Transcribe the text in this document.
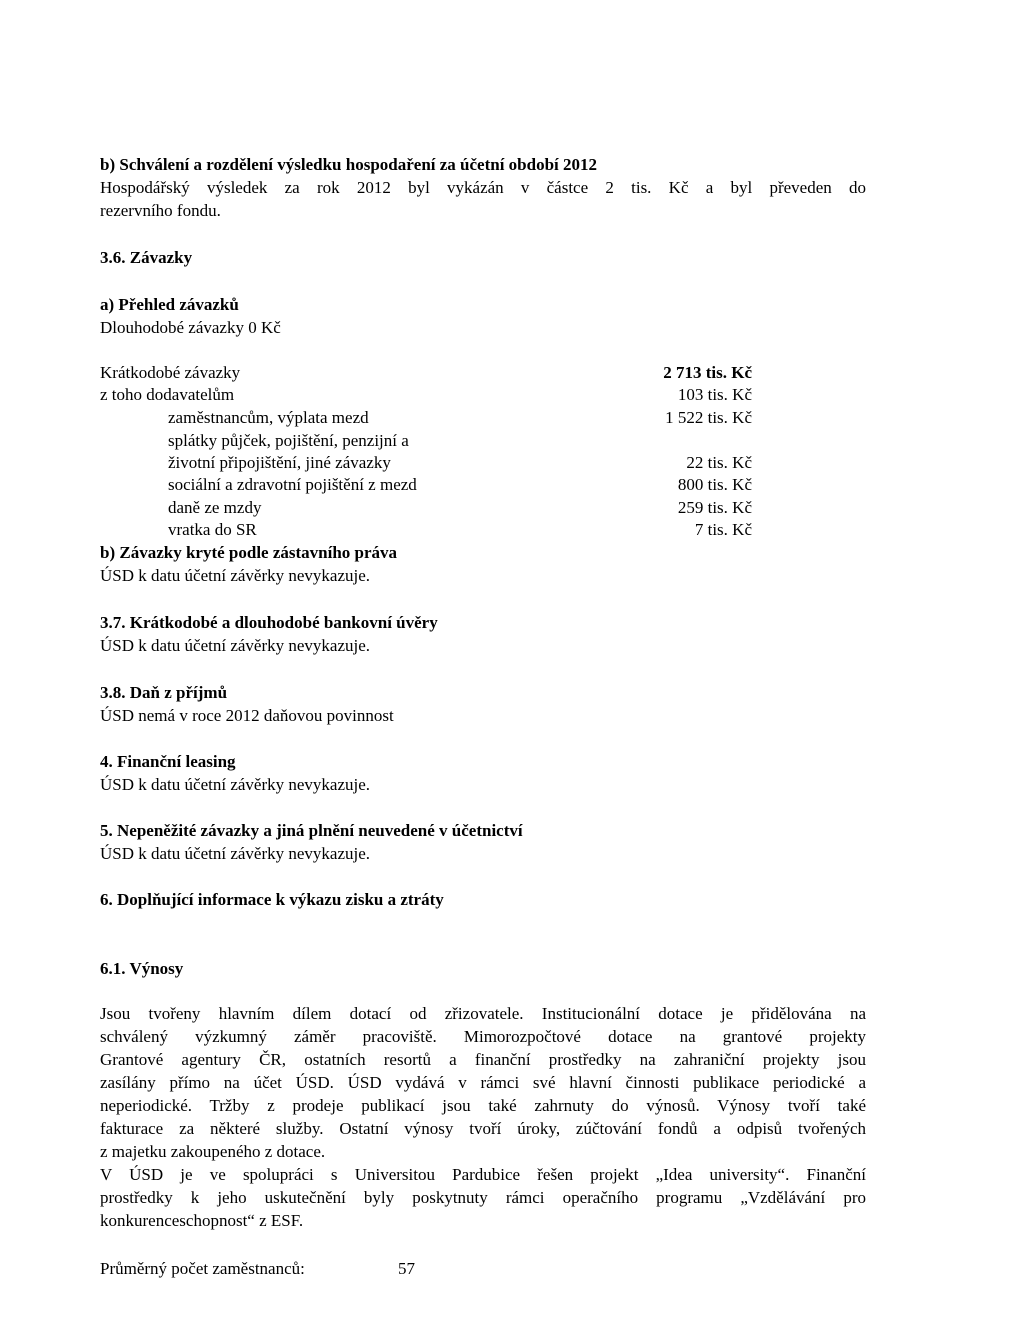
b) Schválení a rozdělení výsledku hospodaření za účetní období 2012
Hospodářský výsledek za rok 2012 byl vykázán v částce 2 tis. Kč a byl převeden do
rezervního fondu.
3.6. Závazky
a) Přehled závazků
Dlouhodobé závazky 0 Kč
Krátkodobé závazky	2 713 tis. Kč
z toho dodavatelům	103 tis. Kč
zaměstnancům, výplata mezd	1 522 tis. Kč
splátky půjček, pojištění, penzijní a
životní připojištění, jiné závazky	22 tis. Kč
sociální a zdravotní pojištění z mezd	800 tis. Kč
daně ze mzdy	259 tis. Kč
vratka do SR	7 tis. Kč
b) Závazky kryté podle zástavního práva
ÚSD k datu účetní závěrky nevykazuje.
3.7. Krátkodobé a dlouhodobé bankovní úvěry
ÚSD k datu účetní závěrky nevykazuje.
3.8. Daň z příjmů
ÚSD nemá v roce 2012 daňovou povinnost
4. Finanční leasing
ÚSD k datu účetní závěrky nevykazuje.
5. Nepeněžité závazky a jiná plnění neuvedené v účetnictví
ÚSD k datu účetní závěrky nevykazuje.
6. Doplňující informace k výkazu zisku a ztráty
6.1. Výnosy
Jsou tvořeny hlavním dílem dotací od zřizovatele. Institucionální dotace je přidělována na
schválený výzkumný záměr pracoviště. Mimorozpočtové dotace na grantové projekty
Grantové agentury ČR, ostatních resortů a finanční prostředky na zahraniční projekty jsou
zasílány přímo na účet ÚSD. ÚSD vydává v rámci své hlavní činnosti publikace periodické a
neperiodické. Tržby z prodeje publikací jsou také zahrnuty do výnosů. Výnosy tvoří také
fakturace za některé služby. Ostatní výnosy tvoří úroky, zúčtování fondů a odpisů tvořených
z majetku zakoupeného z dotace.
V ÚSD je ve spolupráci s Universitou Pardubice řešen projekt „Idea university“. Finanční
prostředky k jeho uskutečnění byly poskytnuty rámci operačního programu „Vzdělávání pro
konkurenceschopnost“ z ESF.
Průměrný počet zaměstnanců:	57
